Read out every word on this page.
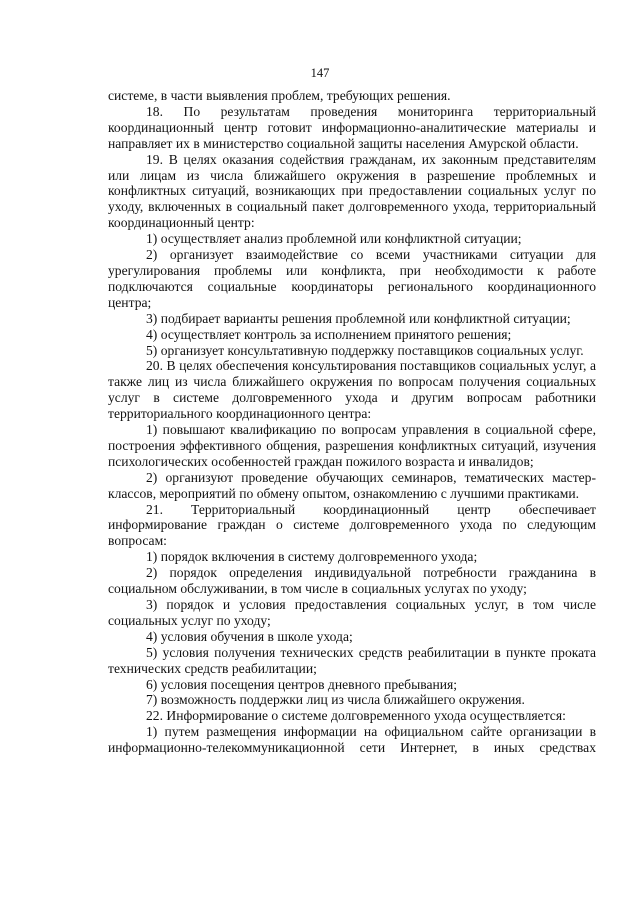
147

системе, в части выявления проблем, требующих решения.

18. По результатам проведения мониторинга территориальный координационный центр готовит информационно-аналитические материалы и направляет их в министерство социальной защиты населения Амурской области.

19. В целях оказания содействия гражданам, их законным представителям или лицам из числа ближайшего окружения в разрешение проблемных и конфликтных ситуаций, возникающих при предоставлении социальных услуг по уходу, включенных в социальный пакет долговременного ухода, территориальный координационный центр:

1) осуществляет анализ проблемной или конфликтной ситуации;

2) организует взаимодействие со всеми участниками ситуации для урегулирования проблемы или конфликта, при необходимости к работе подключаются социальные координаторы регионального координационного центра;

3) подбирает варианты решения проблемной или конфликтной ситуации;

4) осуществляет контроль за исполнением принятого решения;

5) организует консультативную поддержку поставщиков социальных услуг.

20. В целях обеспечения консультирования поставщиков социальных услуг, а также лиц из числа ближайшего окружения по вопросам получения социальных услуг в системе долговременного ухода и другим вопросам работники территориального координационного центра:

1) повышают квалификацию по вопросам управления в социальной сфере, построения эффективного общения, разрешения конфликтных ситуаций, изучения психологических особенностей граждан пожилого возраста и инвалидов;

2) организуют проведение обучающих семинаров, тематических мастер-классов, мероприятий по обмену опытом, ознакомлению с лучшими практиками.

21. Территориальный координационный центр обеспечивает информирование граждан о системе долговременного ухода по следующим вопросам:

1) порядок включения в систему долговременного ухода;

2) порядок определения индивидуальной потребности гражданина в социальном обслуживании, в том числе в социальных услугах по уходу;

3) порядок и условия предоставления социальных услуг, в том числе социальных услуг по уходу;

4) условия обучения в школе ухода;

5) условия получения технических средств реабилитации в пункте проката технических средств реабилитации;

6) условия посещения центров дневного пребывания;

7) возможность поддержки лиц из числа ближайшего окружения.

22. Информирование о системе долговременного ухода осуществляется:

1) путем размещения информации на официальном сайте организации в информационно-телекоммуникационной сети Интернет, в иных средствах
